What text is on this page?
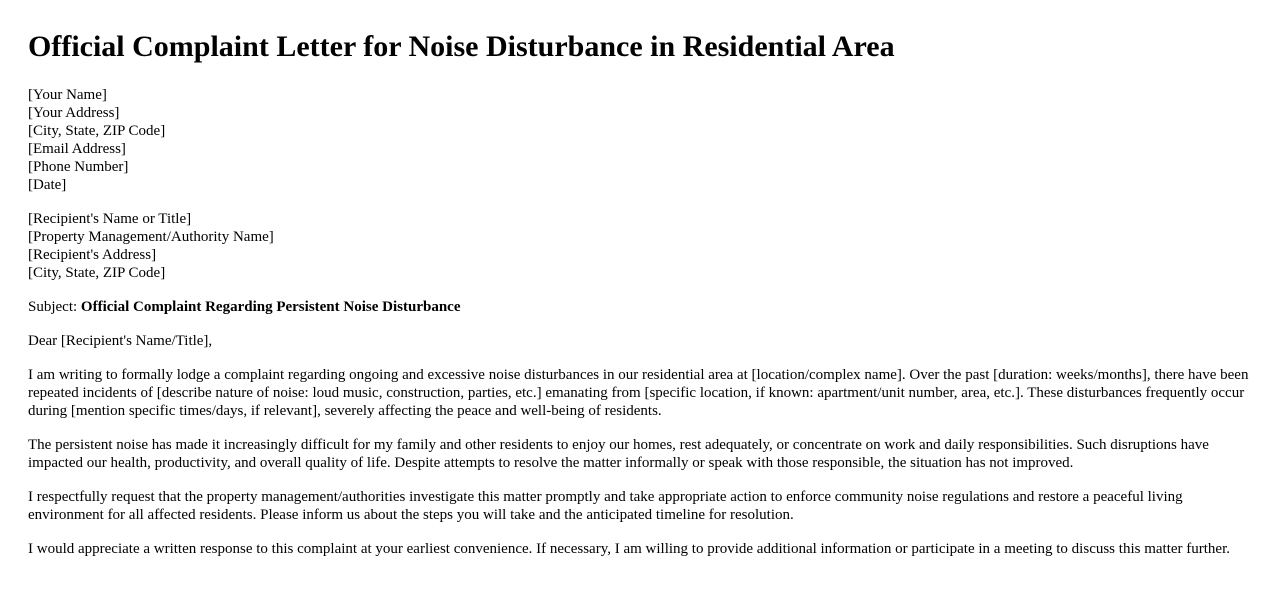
Official Complaint Letter for Noise Disturbance in Residential Area
[Your Name]
[Your Address]
[City, State, ZIP Code]
[Email Address]
[Phone Number]
[Date]
[Recipient's Name or Title]
[Property Management/Authority Name]
[Recipient's Address]
[City, State, ZIP Code]

Subject: Official Complaint Regarding Persistent Noise Disturbance

Dear [Recipient's Name/Title],

I am writing to formally lodge a complaint regarding ongoing and excessive noise disturbances in our residential area at [location/complex name]. Over the past [duration: weeks/months], there have been repeated incidents of [describe nature of noise: loud music, construction, parties, etc.] emanating from [specific location, if known: apartment/unit number, area, etc.]. These disturbances frequently occur during [mention specific times/days, if relevant], severely affecting the peace and well-being of residents.

The persistent noise has made it increasingly difficult for my family and other residents to enjoy our homes, rest adequately, or concentrate on work and daily responsibilities. Such disruptions have impacted our health, productivity, and overall quality of life. Despite attempts to resolve the matter informally or speak with those responsible, the situation has not improved.

I respectfully request that the property management/authorities investigate this matter promptly and take appropriate action to enforce community noise regulations and restore a peaceful living environment for all affected residents. Please inform us about the steps you will take and the anticipated timeline for resolution.

I would appreciate a written response to this complaint at your earliest convenience. If necessary, I am willing to provide additional information or participate in a meeting to discuss this matter further.
